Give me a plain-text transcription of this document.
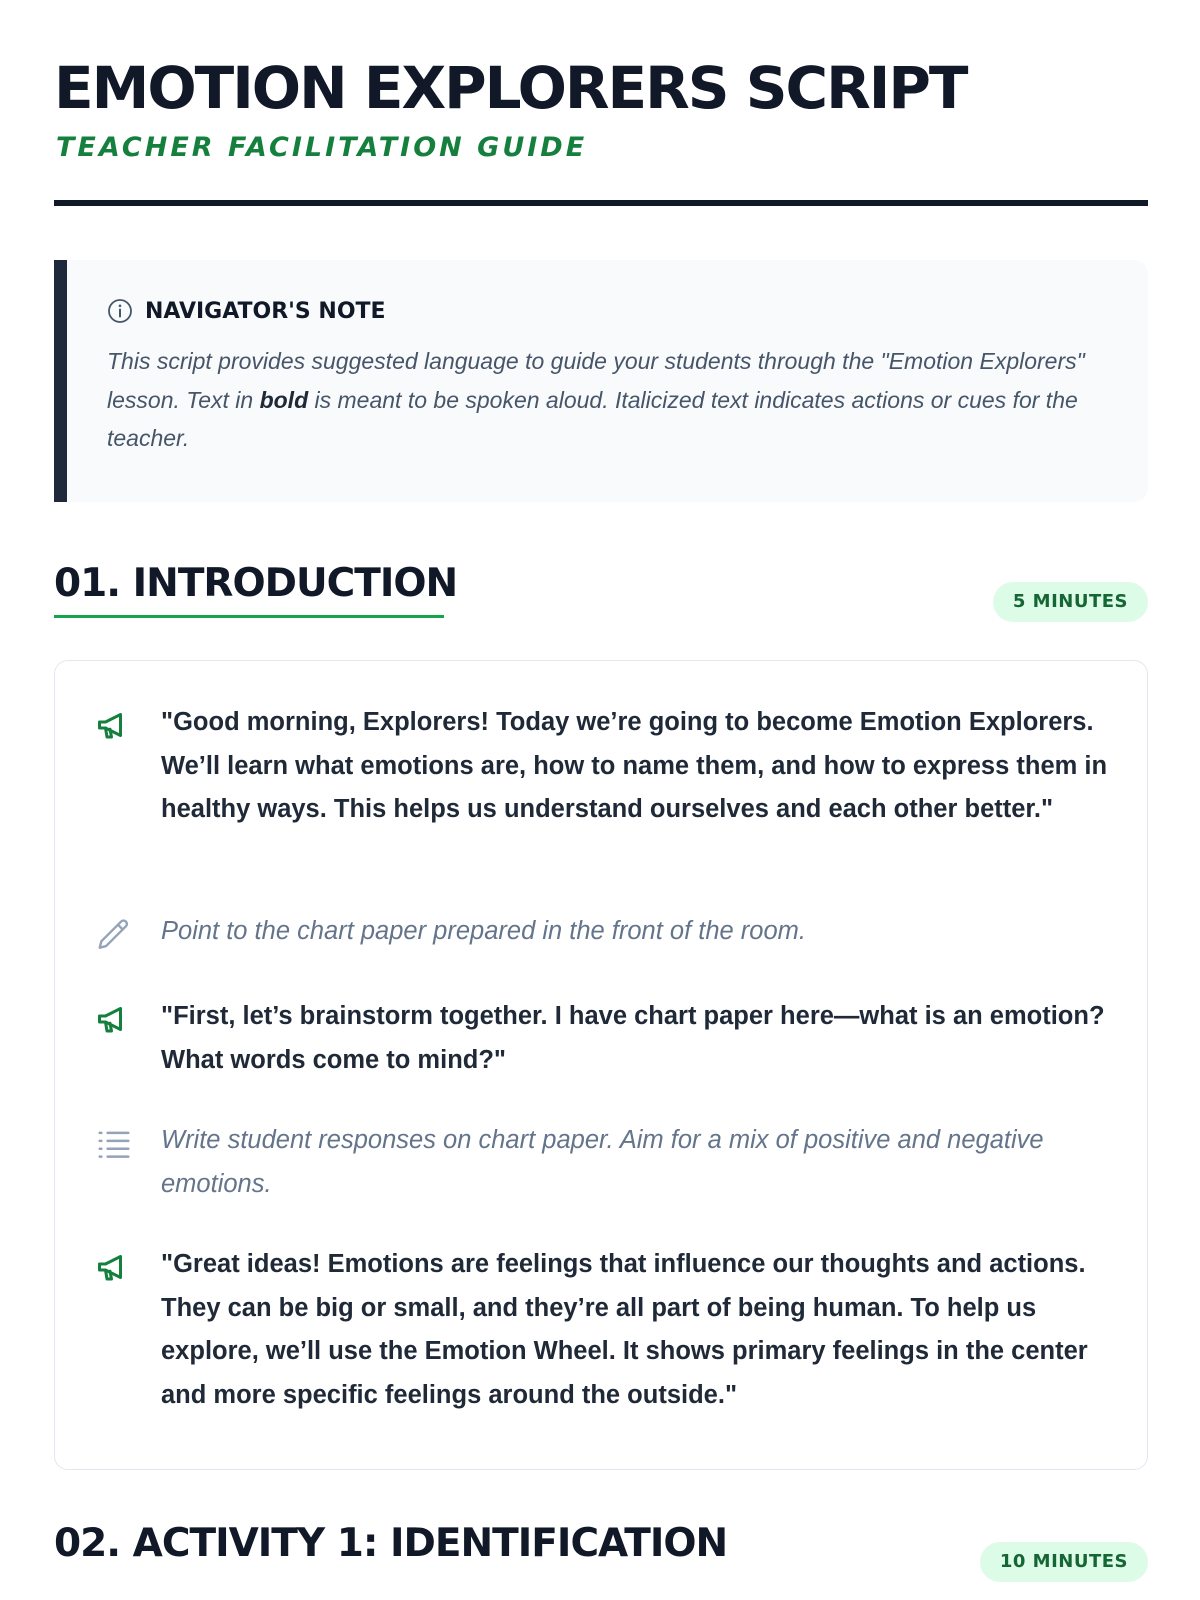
EMOTION EXPLORERS SCRIPT
TEACHER FACILITATION GUIDE
NAVIGATOR'S NOTE

This script provides suggested language to guide your students through the "Emotion Explorers" lesson. Text in bold is meant to be spoken aloud. Italicized text indicates actions or cues for the teacher.

01. INTRODUCTION	5 MINUTES

"Good morning, Explorers! Today we’re going to become Emotion Explorers. We’ll learn what emotions are, how to name them, and how to express them in healthy ways. This helps us understand ourselves and each other better."

Point to the chart paper prepared in the front of the room.

"First, let’s brainstorm together. I have chart paper here—what is an emotion? What words come to mind?"

Write student responses on chart paper. Aim for a mix of positive and negative emotions.

"Great ideas! Emotions are feelings that influence our thoughts and actions. They can be big or small, and they’re all part of being human. To help us explore, we’ll use the Emotion Wheel. It shows primary feelings in the center and more specific feelings around the outside."

02. ACTIVITY 1: IDENTIFICATION	10 MINUTES
